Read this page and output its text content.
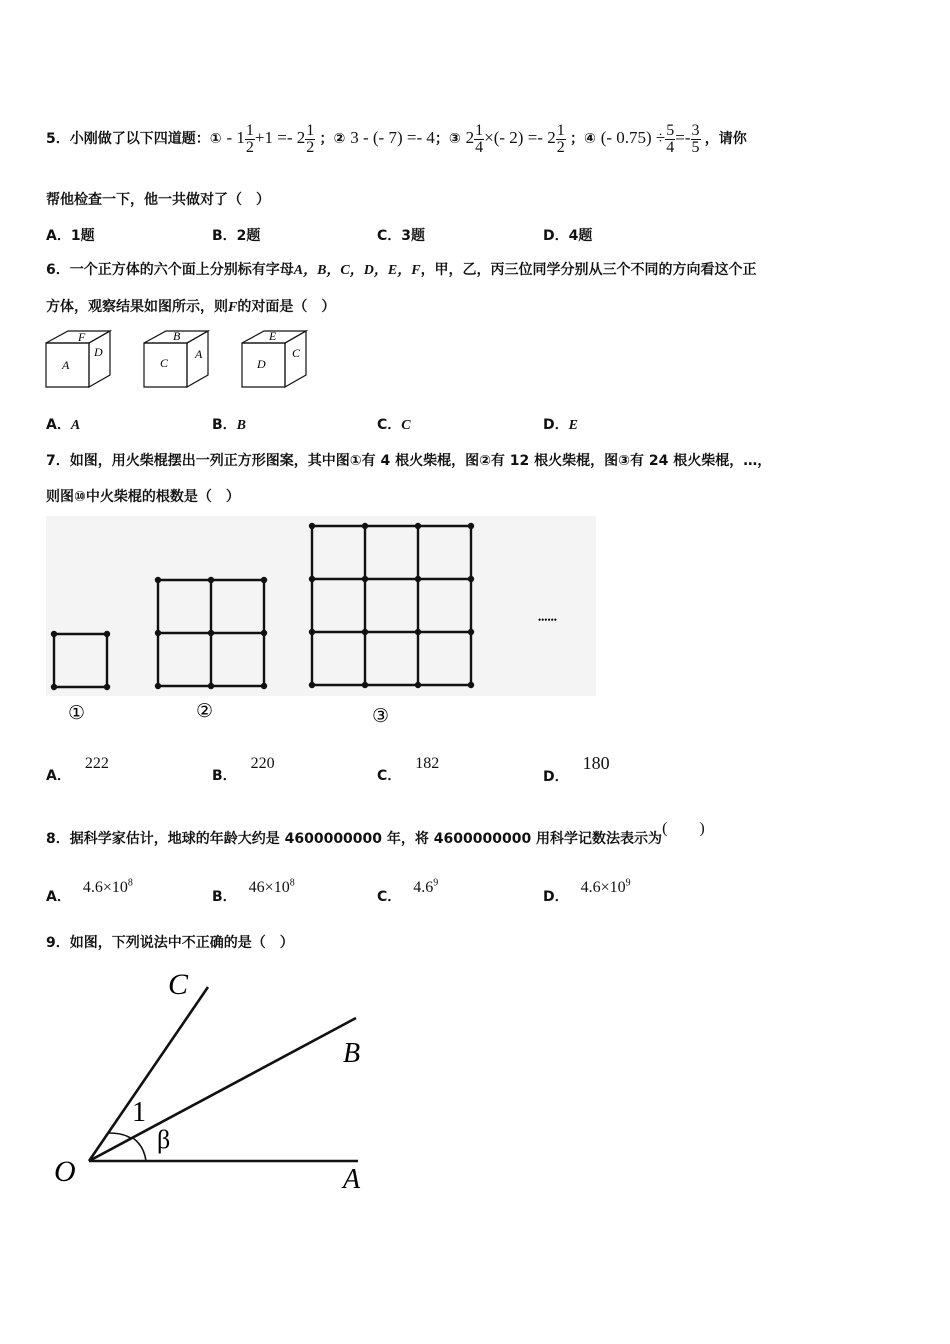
5．小刚做了以下四道题：① - $1 \frac{1}{2} +1 =- 2 \frac{1}{2}$ ；② 3 - (- 7) =- 4；③ $2 \frac{1}{4}$ ×(- $2) =- 2 \frac{1}{2}$ ；④ (- $0.75) \div \frac{5}{4} =- \frac{3}{5}$ ，请你
帮他检查一下，他一共做对了（　）
A．1题	B．2题	C．3题	D．4题
6．一个正方体的六个面上分别标有字母A，B，C，D，E，F，甲，乙，丙三位同学分别从三个不同的方向看这个正
方体，观察结果如图所示，则F的对面是（　）
F
A
D
B
C
A
E
D
C
A．A	B．B	C．C	D．E
7．如图，用火柴棍摆出一列正方形图案，其中图①有 4 根火柴棍，图②有 12 根火柴棍，图③有 24 根火柴棍，…，
则图⑩中火柴棍的根数是（　）
①	②	③
••••••
A．222
B．220
C．182
D．180
8．据科学家估计，地球的年龄大约是 4600000000 年，将 4600000000 用科学记数法表示为(　　)
A．$4.6\times 10^8$
B．$46\times 10^8$
C．$4.6^9$
D．$4.6\times 10^9$
9．如图，下列说法中不正确的是（　）
C
B
A
O
1
β
